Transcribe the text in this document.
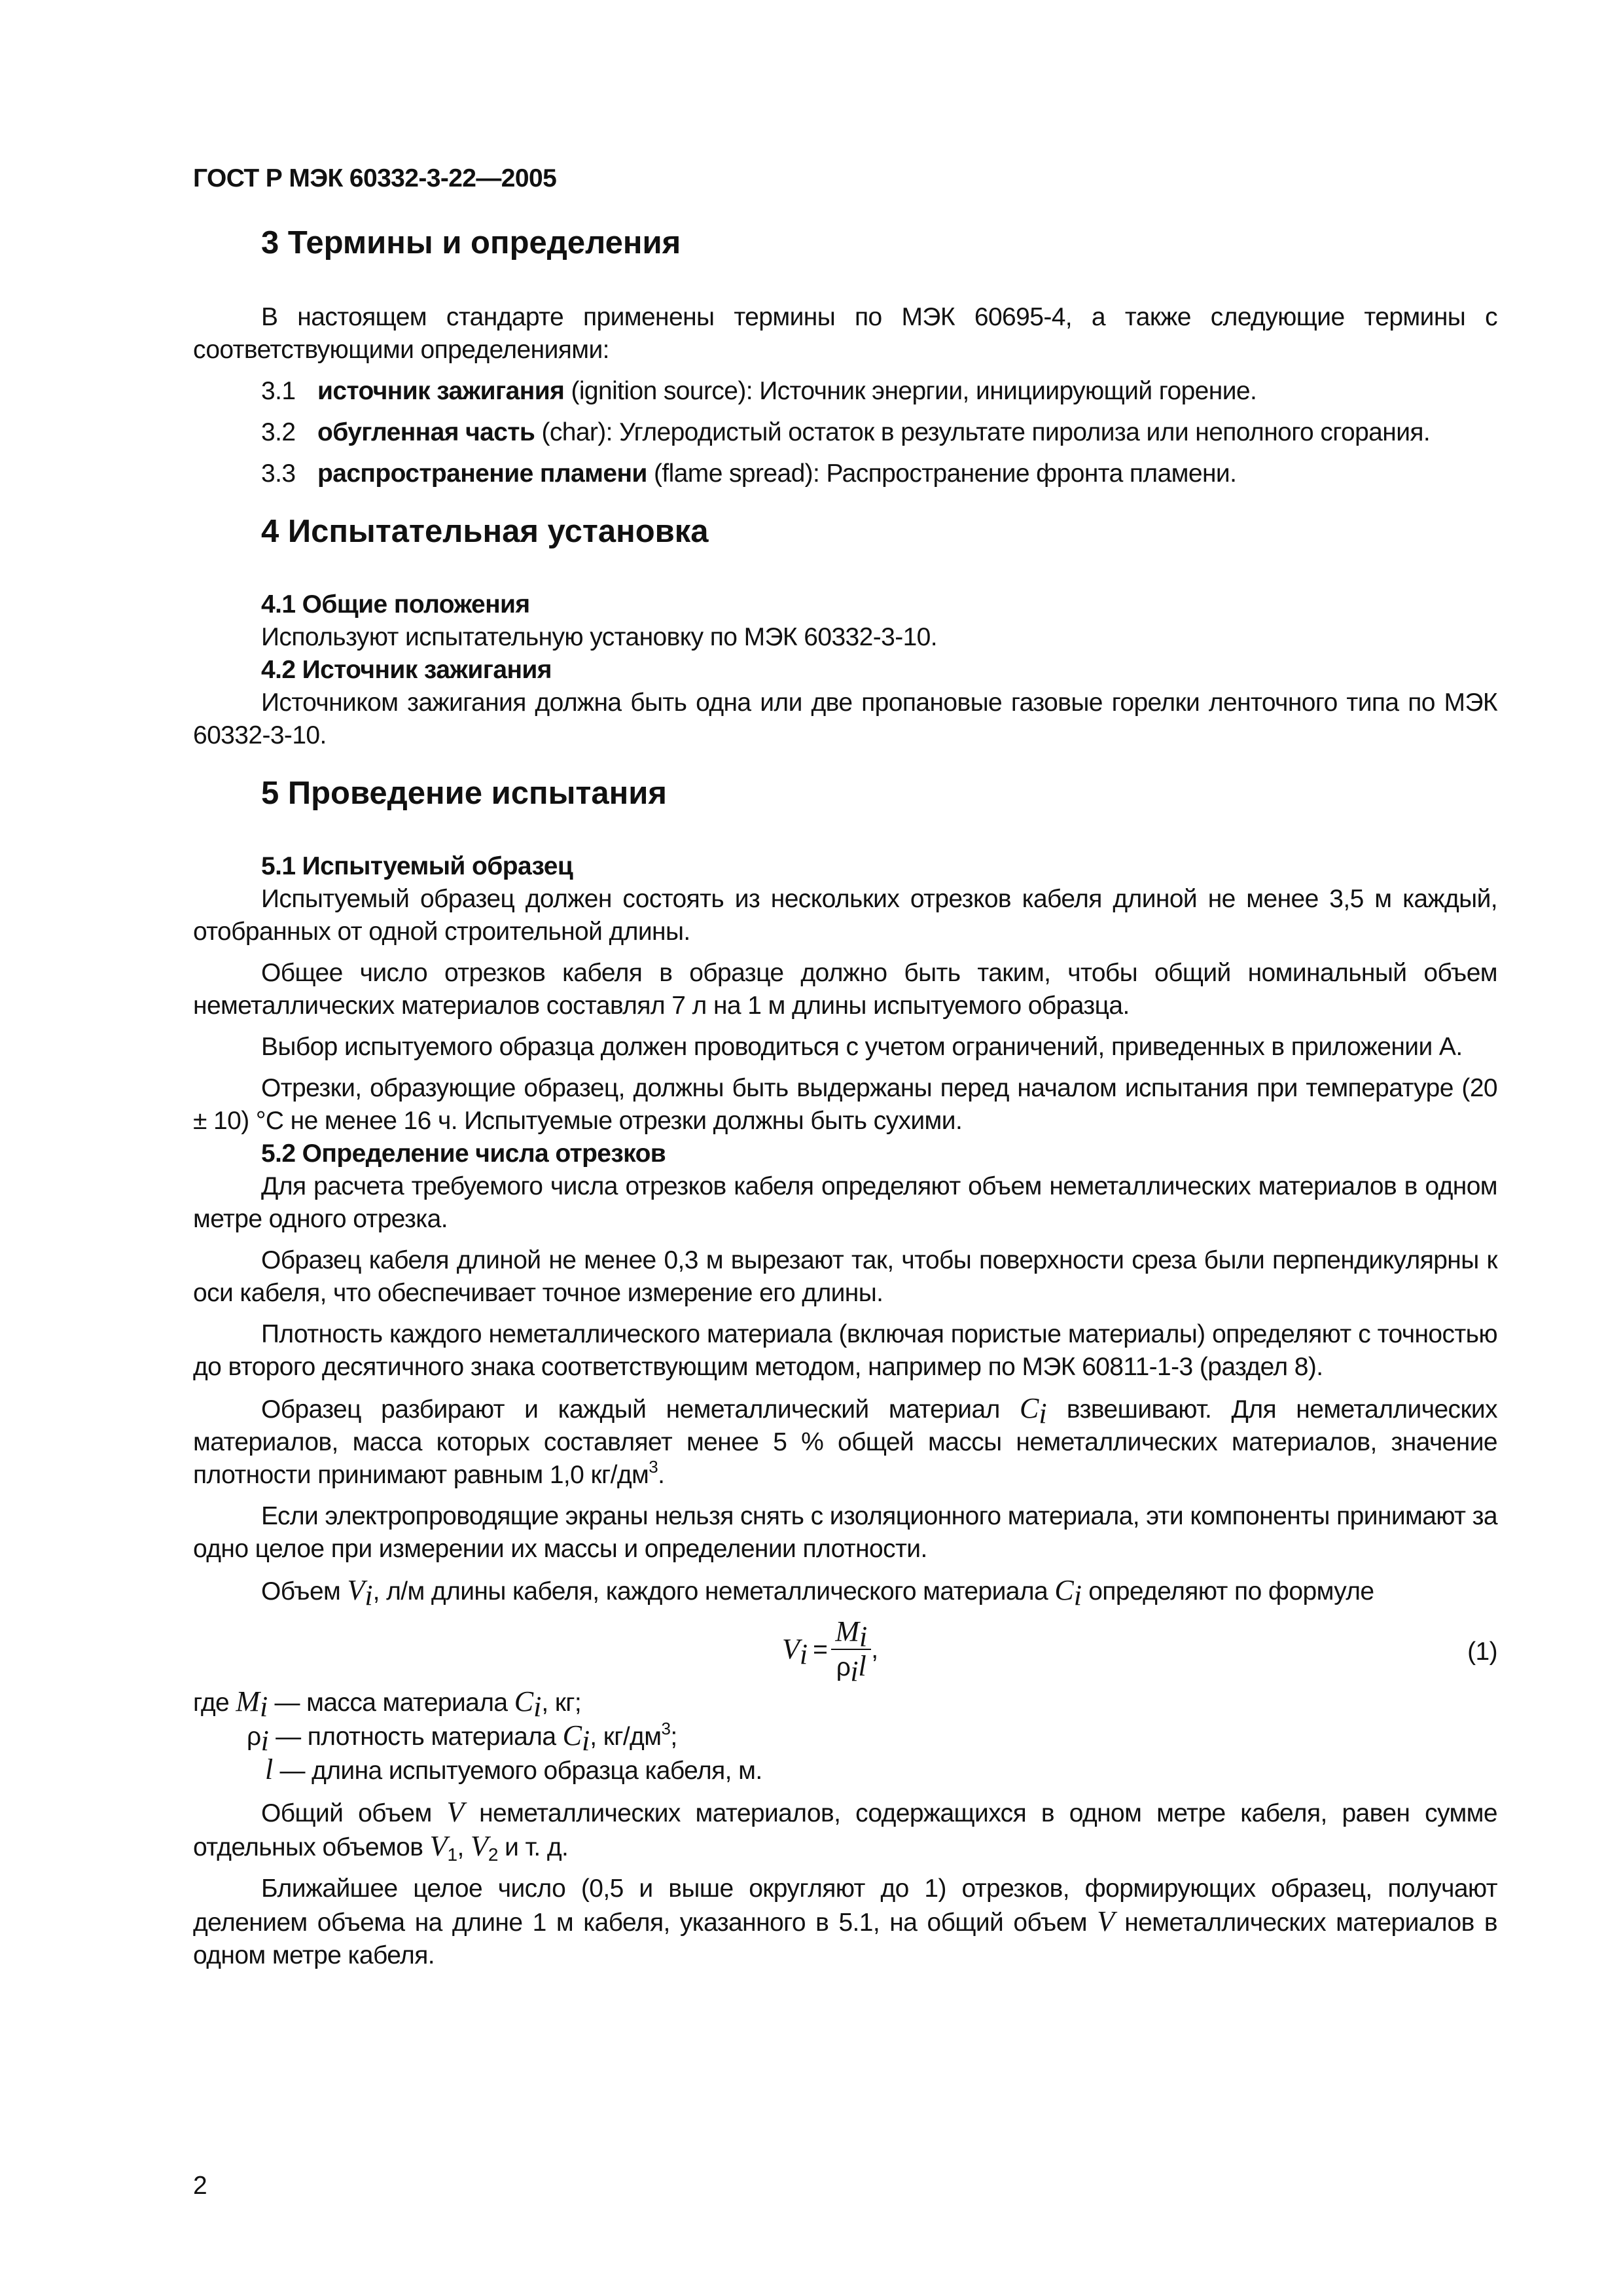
ГОСТ Р МЭК 60332-3-22—2005
3 Термины и определения

В настоящем стандарте применены термины по МЭК 60695-4, а также следующие термины с соответствующими определениями:

3.1 источник зажигания (ignition source): Источник энергии, инициирующий горение.

3.2 обугленная часть (char): Углеродистый остаток в результате пиролиза или неполного сгорания.

3.3 распространение пламени (flame spread): Распространение фронта пламени.

4 Испытательная установка

4.1 Общие положения

Используют испытательную установку по МЭК 60332-3-10.

4.2 Источник зажигания

Источником зажигания должна быть одна или две пропановые газовые горелки ленточного типа по МЭК 60332-3-10.

5 Проведение испытания

5.1 Испытуемый образец

Испытуемый образец должен состоять из нескольких отрезков кабеля длиной не менее 3,5 м каждый, отобранных от одной строительной длины.

Общее число отрезков кабеля в образце должно быть таким, чтобы общий номинальный объем неметаллических материалов составлял 7 л на 1 м длины испытуемого образца.

Выбор испытуемого образца должен проводиться с учетом ограничений, приведенных в приложении А.

Отрезки, образующие образец, должны быть выдержаны перед началом испытания при температуре (20 ± 10) °С не менее 16 ч. Испытуемые отрезки должны быть сухими.

5.2 Определение числа отрезков

Для расчета требуемого числа отрезков кабеля определяют объем неметаллических материалов в одном метре одного отрезка.

Образец кабеля длиной не менее 0,3 м вырезают так, чтобы поверхности среза были перпендикулярны к оси кабеля, что обеспечивает точное измерение его длины.

Плотность каждого неметаллического материала (включая пористые материалы) определяют с точностью до второго десятичного знака соответствующим методом, например по МЭК 60811-1-3 (раздел 8).

Образец разбирают и каждый неметаллический материал $C_i$ взвешивают. Для неметаллических материалов, масса которых составляет менее 5 % общей массы неметаллических материалов, значение плотности принимают равным 1,0 $кг/дм^3$.

Если электропроводящие экраны нельзя снять с изоляционного материала, эти компоненты принимают за одно целое при измерении их массы и определении плотности.

Объем $V_i$, л/м длины кабеля, каждого неметаллического материала $C_i$ определяют по формуле

$V_i = \frac{M_i}{\rho_il}$ ,	(1)

где $M_i$ — масса материала $C_i$, кг;

$\rho_i$ — плотность материала $C_i$, $кг/дм^3$;

l — длина испытуемого образца кабеля, м.

Общий объем V неметаллических материалов, содержащихся в одном метре кабеля, равен сумме отдельных объемов $V_1$, $V_2$ и т. д.

Ближайшее целое число (0,5 и выше округляют до 1) отрезков, формирующих образец, получают делением объема на длине 1 м кабеля, указанного в 5.1, на общий объем V неметаллических материалов в одном метре кабеля.

2
